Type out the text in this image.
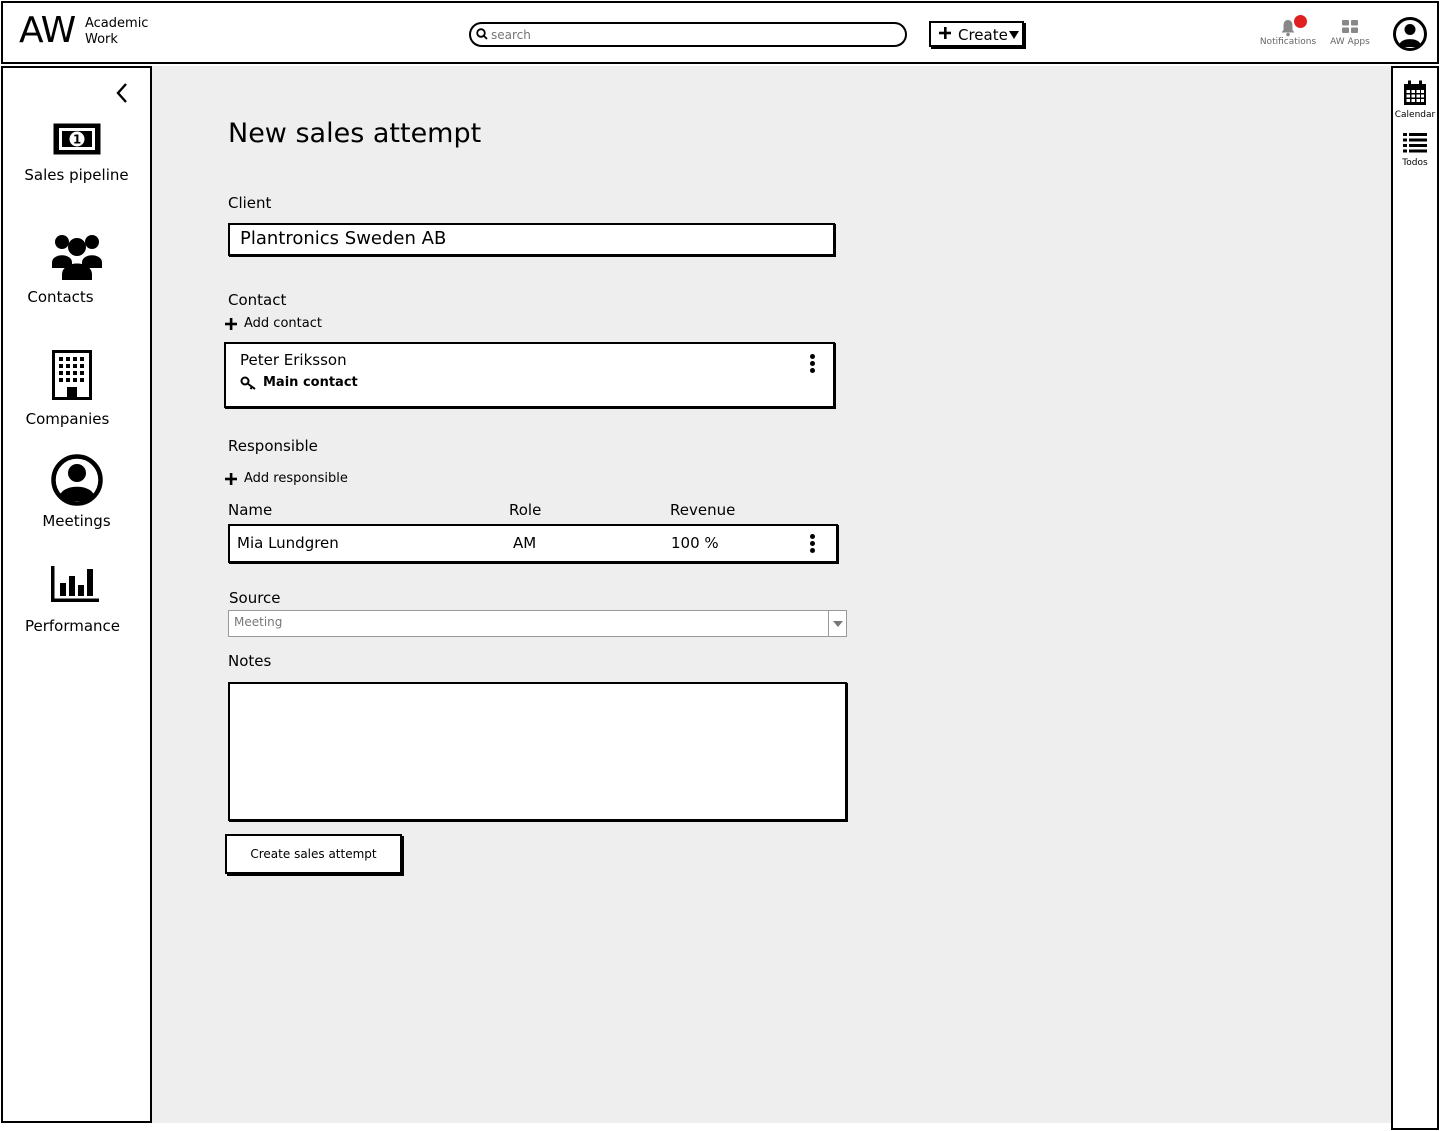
AW Academic
Work
search	Create	Notifications	AW Apps
1
Sales pipeline
Contacts
Companies
Meetings
Performance
New sales attempt
Client
Plantronics Sweden AB
Contact
Add contact
Peter Eriksson
Main contact
Responsible
Add responsible
Name	Role	Revenue
Mia Lundgren	AM	100 %
Source
Meeting
Notes
Create sales attempt
Calendar
Todos
